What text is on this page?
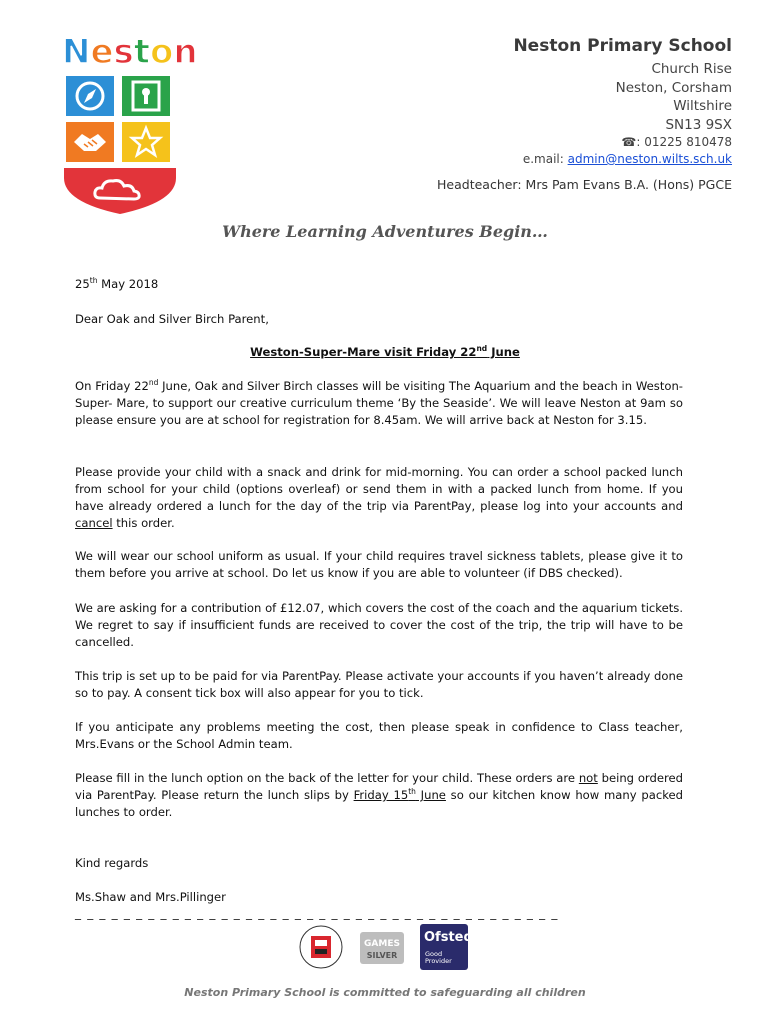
N e s t o n	Neston Primary School
Church Rise
Neston, Corsham
Wiltshire
SN13 9SX
☎: 01225 810478
e.mail: admin@neston.wilts.sch.uk
Headteacher: Mrs Pam Evans B.A. (Hons) PGCE
Where Learning Adventures Begin…
25th May 2018
Dear Oak and Silver Birch Parent,
Weston-Super-Mare visit Friday 22nd June

On Friday 22nd June, Oak and Silver Birch classes will be visiting The Aquarium and the beach in Weston-Super- Mare, to support our creative curriculum theme ‘By the Seaside’. We will leave Neston at 9am so please ensure you are at school for registration for 8.45am. We will arrive back at Neston for 3.15.

Please provide your child with a snack and drink for mid-morning. You can order a school packed lunch from school for your child (options overleaf) or send them in with a packed lunch from home. If you have already ordered a lunch for the day of the trip via ParentPay, please log into your accounts and cancel this order.

We will wear our school uniform as usual. If your child requires travel sickness tablets, please give it to them before you arrive at school. Do let us know if you are able to volunteer (if DBS checked).

We are asking for a contribution of £12.07, which covers the cost of the coach and the aquarium tickets. We regret to say if insufficient funds are received to cover the cost of the trip, the trip will have to be cancelled.

This trip is set up to be paid for via ParentPay. Please activate your accounts if you haven’t already done so to pay. A consent tick box will also appear for you to tick.

If you anticipate any problems meeting the cost, then please speak in confidence to Class teacher, Mrs.Evans or the School Admin team.

Please fill in the lunch option on the back of the letter for your child. These orders are not being ordered via ParentPay. Please return the lunch slips by Friday 15th June so our kitchen know how many packed lunches to order.

Kind regards
Ms.Shaw and Mrs.Pillinger
_ _ _ _ _ _ _ _ _ _ _ _ _ _ _ _ _ _ _ _ _ _ _ _ _ _ _ _ _ _ _ _ _ _ _ _ _ _ _ _
GAMES
SILVER
Ofsted
Good
Provider
Neston Primary School is committed to safeguarding all children
